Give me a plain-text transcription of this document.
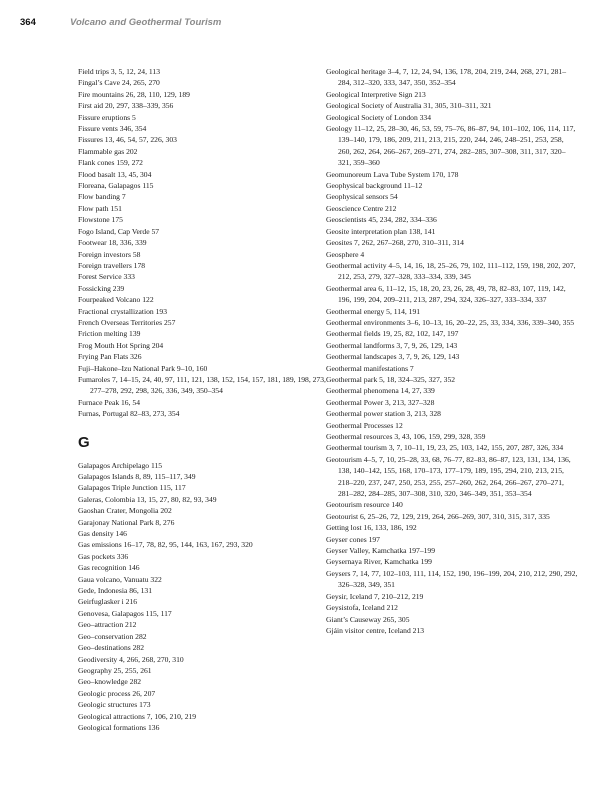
364	Volcano and Geothermal Tourism

Field trips 3, 5, 12, 24, 113

Fingal’s Cave 24, 265, 270

Fire mountains 26, 28, 110, 129, 189

First aid 20, 297, 338–339, 356

Fissure eruptions 5

Fissure vents 346, 354

Fissures 13, 46, 54, 57, 226, 303

Flammable gas 202

Flank cones 159, 272

Flood basalt 13, 45, 304

Floreana, Galapagos 115

Flow banding 7

Flow path 151

Flowstone 175

Fogo Island, Cap Verde 57

Footwear 18, 336, 339

Foreign investors 58

Foreign travellers 178

Forest Service 333

Fossicking 239

Fourpeaked Volcano 122

Fractional crystallization 193

French Overseas Territories 257

Friction melting 139

Frog Mouth Hot Spring 204

Frying Pan Flats 326

Fuji–Hakone–Izu National Park 9–10, 160

Fumaroles 7, 14–15, 24, 40, 97, 111, 121, 138, 152, 154, 157, 181, 189, 198, 273, 277–278, 292, 298, 326, 336, 349, 350–354

Furnace Peak 16, 54

Furnas, Portugal 82–83, 273, 354

G

Galapagos Archipelago 115

Galapagos Islands 8, 89, 115–117, 349

Galapagos Triple Junction 115, 117

Galeras, Colombia 13, 15, 27, 80, 82, 93, 349

Gaoshan Crater, Mongolia 202

Garajonay National Park 8, 276

Gas density 146

Gas emissions 16–17, 78, 82, 95, 144, 163, 167, 293, 320

Gas pockets 336

Gas recognition 146

Gaua volcano, Vanuatu 322

Gede, Indonesia 86, 131

Geirfuglasker i 216

Genovesa, Galapagos 115, 117

Geo–attraction 212

Geo–conservation 282

Geo–destinations 282

Geodiversity 4, 266, 268, 270, 310

Geography 25, 255, 261

Geo–knowledge 282

Geologic process 26, 207

Geologic structures 173

Geological attractions 7, 106, 210, 219

Geological formations 136

Geological heritage 3–4, 7, 12, 24, 94, 136, 178, 204, 219, 244, 268, 271, 281–284, 312–320, 333, 347, 350, 352–354

Geological Interpretive Sign 213

Geological Society of Australia 31, 305, 310–311, 321

Geological Society of London 334

Geology 11–12, 25, 28–30, 46, 53, 59, 75–76, 86–87, 94, 101–102, 106, 114, 117, 139–140, 179, 186, 209, 211, 213, 215, 220, 244, 246, 248–251, 253, 258, 260, 262, 264, 266–267, 269–271, 274, 282–285, 307–308, 311, 317, 320–321, 359–360

Geomunoreum Lava Tube System 170, 178

Geophysical background 11–12

Geophysical sensors 54

Geoscience Centre 212

Geoscientists 45, 234, 282, 334–336

Geosite interpretation plan 138, 141

Geosites 7, 262, 267–268, 270, 310–311, 314

Geosphere 4

Geothermal activity 4–5, 14, 16, 18, 25–26, 79, 102, 111–112, 159, 198, 202, 207, 212, 253, 279, 327–328, 333–334, 339, 345

Geothermal area 6, 11–12, 15, 18, 20, 23, 26, 28, 49, 78, 82–83, 107, 119, 142, 196, 199, 204, 209–211, 213, 287, 294, 324, 326–327, 333–334, 337

Geothermal energy 5, 114, 191

Geothermal environments 3–6, 10–13, 16, 20–22, 25, 33, 334, 336, 339–340, 355

Geothermal fields 19, 25, 82, 102, 147, 197

Geothermal landforms 3, 7, 9, 26, 129, 143

Geothermal landscapes 3, 7, 9, 26, 129, 143

Geothermal manifestations 7

Geothermal park 5, 18, 324–325, 327, 352

Geothermal phenomena 14, 27, 339

Geothermal Power 3, 213, 327–328

Geothermal power station 3, 213, 328

Geothermal Processes 12

Geothermal resources 3, 43, 106, 159, 299, 328, 359

Geothermal tourism 3, 7, 10–11, 19, 23, 25, 103, 142, 155, 207, 287, 326, 334

Geotourism 4–5, 7, 10, 25–28, 33, 68, 76–77, 82–83, 86–87, 123, 131, 134, 136, 138, 140–142, 155, 168, 170–173, 177–179, 189, 195, 294, 210, 213, 215, 218–220, 237, 247, 250, 253, 255, 257–260, 262, 264, 266–267, 270–271, 281–282, 284–285, 307–308, 310, 320, 346–349, 351, 353–354

Geotourism resource 140

Geotourist 6, 25–26, 72, 129, 219, 264, 266–269, 307, 310, 315, 317, 335

Getting lost 16, 133, 186, 192

Geyser cones 197

Geyser Valley, Kamchatka 197–199

Geysernaya River, Kamchatka 199

Geysers 7, 14, 77, 102–103, 111, 114, 152, 190, 196–199, 204, 210, 212, 290, 292, 326–328, 349, 351

Geysir, Iceland 7, 210–212, 219

Geysistofa, Iceland 212

Giant’s Causeway 265, 305

Gjáin visitor centre, Iceland 213
